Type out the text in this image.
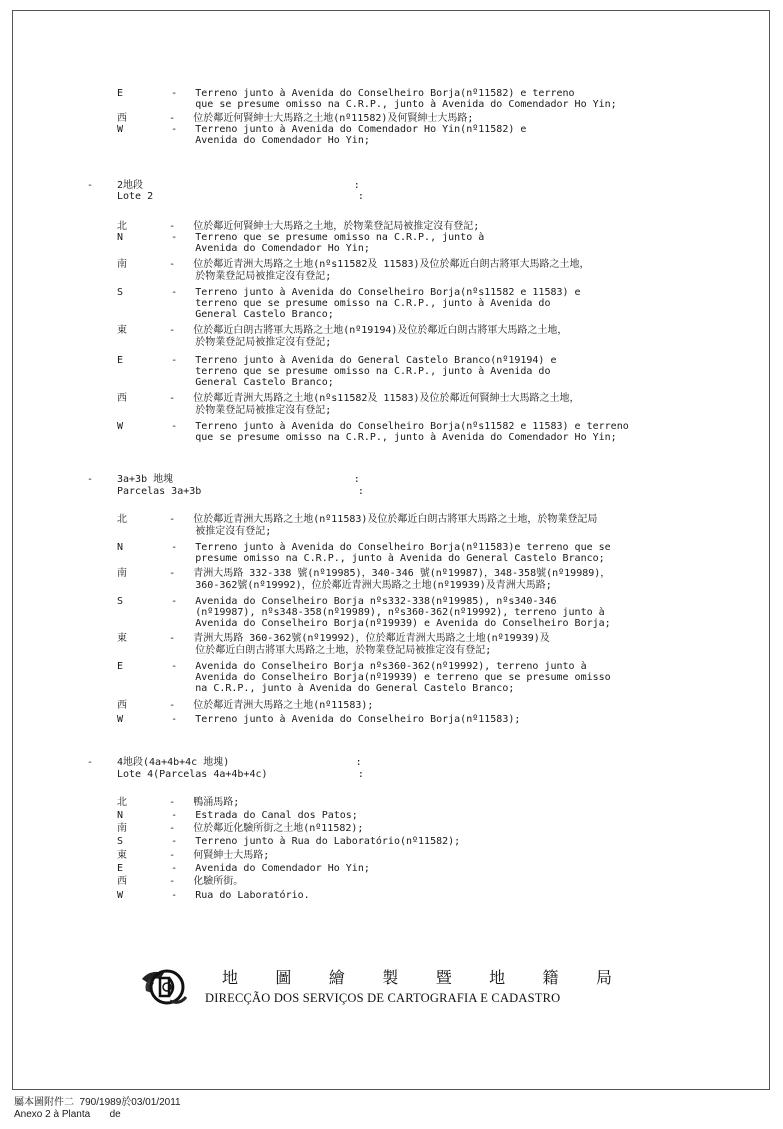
E        -   Terreno junto à Avenida do Conselheiro Borja(nº11582) e terreno
que se presume omisso na C.R.P., junto à Avenida do Comendador Ho Yin;
西       -   位於鄰近何賢紳士大馬路之土地(nº11582)及何賢紳士大馬路;
W        -   Terreno junto à Avenida do Comendador Ho Yin(nº11582) e
Avenida do Comendador Ho Yin;
- 2地段                                   :
Lote 2                                  :
北       -   位於鄰近何賢紳士大馬路之土地，於物業登記局被推定沒有登記;
N        -   Terreno que se presume omisso na C.R.P., junto à
Avenida do Comendador Ho Yin;
南       -   位於鄰近青洲大馬路之土地(nºs11582及 11583)及位於鄰近白朗古將軍大馬路之土地，
於物業登記局被推定沒有登記;
S        -   Terreno junto à Avenida do Conselheiro Borja(nºs11582 e 11583) e
terreno que se presume omisso na C.R.P., junto à Avenida do
General Castelo Branco;
東       -   位於鄰近白朗古將軍大馬路之土地(nº19194)及位於鄰近白朗古將軍大馬路之土地，
於物業登記局被推定沒有登記;
E        -   Terreno junto à Avenida do General Castelo Branco(nº19194) e
terreno que se presume omisso na C.R.P., junto à Avenida do
General Castelo Branco;
西       -   位於鄰近青洲大馬路之土地(nºs11582及 11583)及位於鄰近何賢紳士大馬路之土地，
於物業登記局被推定沒有登記;
W        -   Terreno junto à Avenida do Conselheiro Borja(nºs11582 e 11583) e terreno
que se presume omisso na C.R.P., junto à Avenida do Comendador Ho Yin;
- 3a+3b 地塊                              :
Parcelas 3a+3b                          :
北       -   位於鄰近青洲大馬路之土地(nº11583)及位於鄰近白朗古將軍大馬路之土地，於物業登記局
被推定沒有登記;
N        -   Terreno junto à Avenida do Conselheiro Borja(nº11583)e terreno que se
presume omisso na C.R.P., junto à Avenida do General Castelo Branco;
南       -   青洲大馬路 332-338 號(nº19985)，340-346 號(nº19987)，348-358號(nº19989)，
360-362號(nº19992)，位於鄰近青洲大馬路之土地(nº19939)及青洲大馬路;
S        -   Avenida do Conselheiro Borja nºs332-338(nº19985), nºs340-346
(nº19987), nºs348-358(nº19989), nºs360-362(nº19992), terreno junto à
Avenida do Conselheiro Borja(nº19939) e Avenida do Conselheiro Borja;
東       -   青洲大馬路 360-362號(nº19992)，位於鄰近青洲大馬路之土地(nº19939)及
位於鄰近白朗古將軍大馬路之土地，於物業登記局被推定沒有登記;
E        -   Avenida do Conselheiro Borja nºs360-362(nº19992), terreno junto à
Avenida do Conselheiro Borja(nº19939) e terreno que se presume omisso
na C.R.P., junto à Avenida do General Castelo Branco;
西       -   位於鄰近青洲大馬路之土地(nº11583);
W        -   Terreno junto à Avenida do Conselheiro Borja(nº11583);
- 4地段(4a+4b+4c 地塊)                     :
Lote 4(Parcelas 4a+4b+4c)               :
北       -   鴨涌馬路;
N        -   Estrada do Canal dos Patos;
南       -   位於鄰近化驗所街之土地(nº11582);
S        -   Terreno junto à Rua do Laboratório(nº11582);
東       -   何賢紳士大馬路;
E        -   Avenida do Comendador Ho Yin;
西       -   化驗所街。
W        -   Rua do Laboratório.
地 圖 繪 製 暨 地 籍 局
DIRECÇÃO DOS SERVIÇOS DE CARTOGRAFIA E CADASTRO
屬本圖附件二  790/1989於03/01/2011
Anexo 2 à Planta       de
